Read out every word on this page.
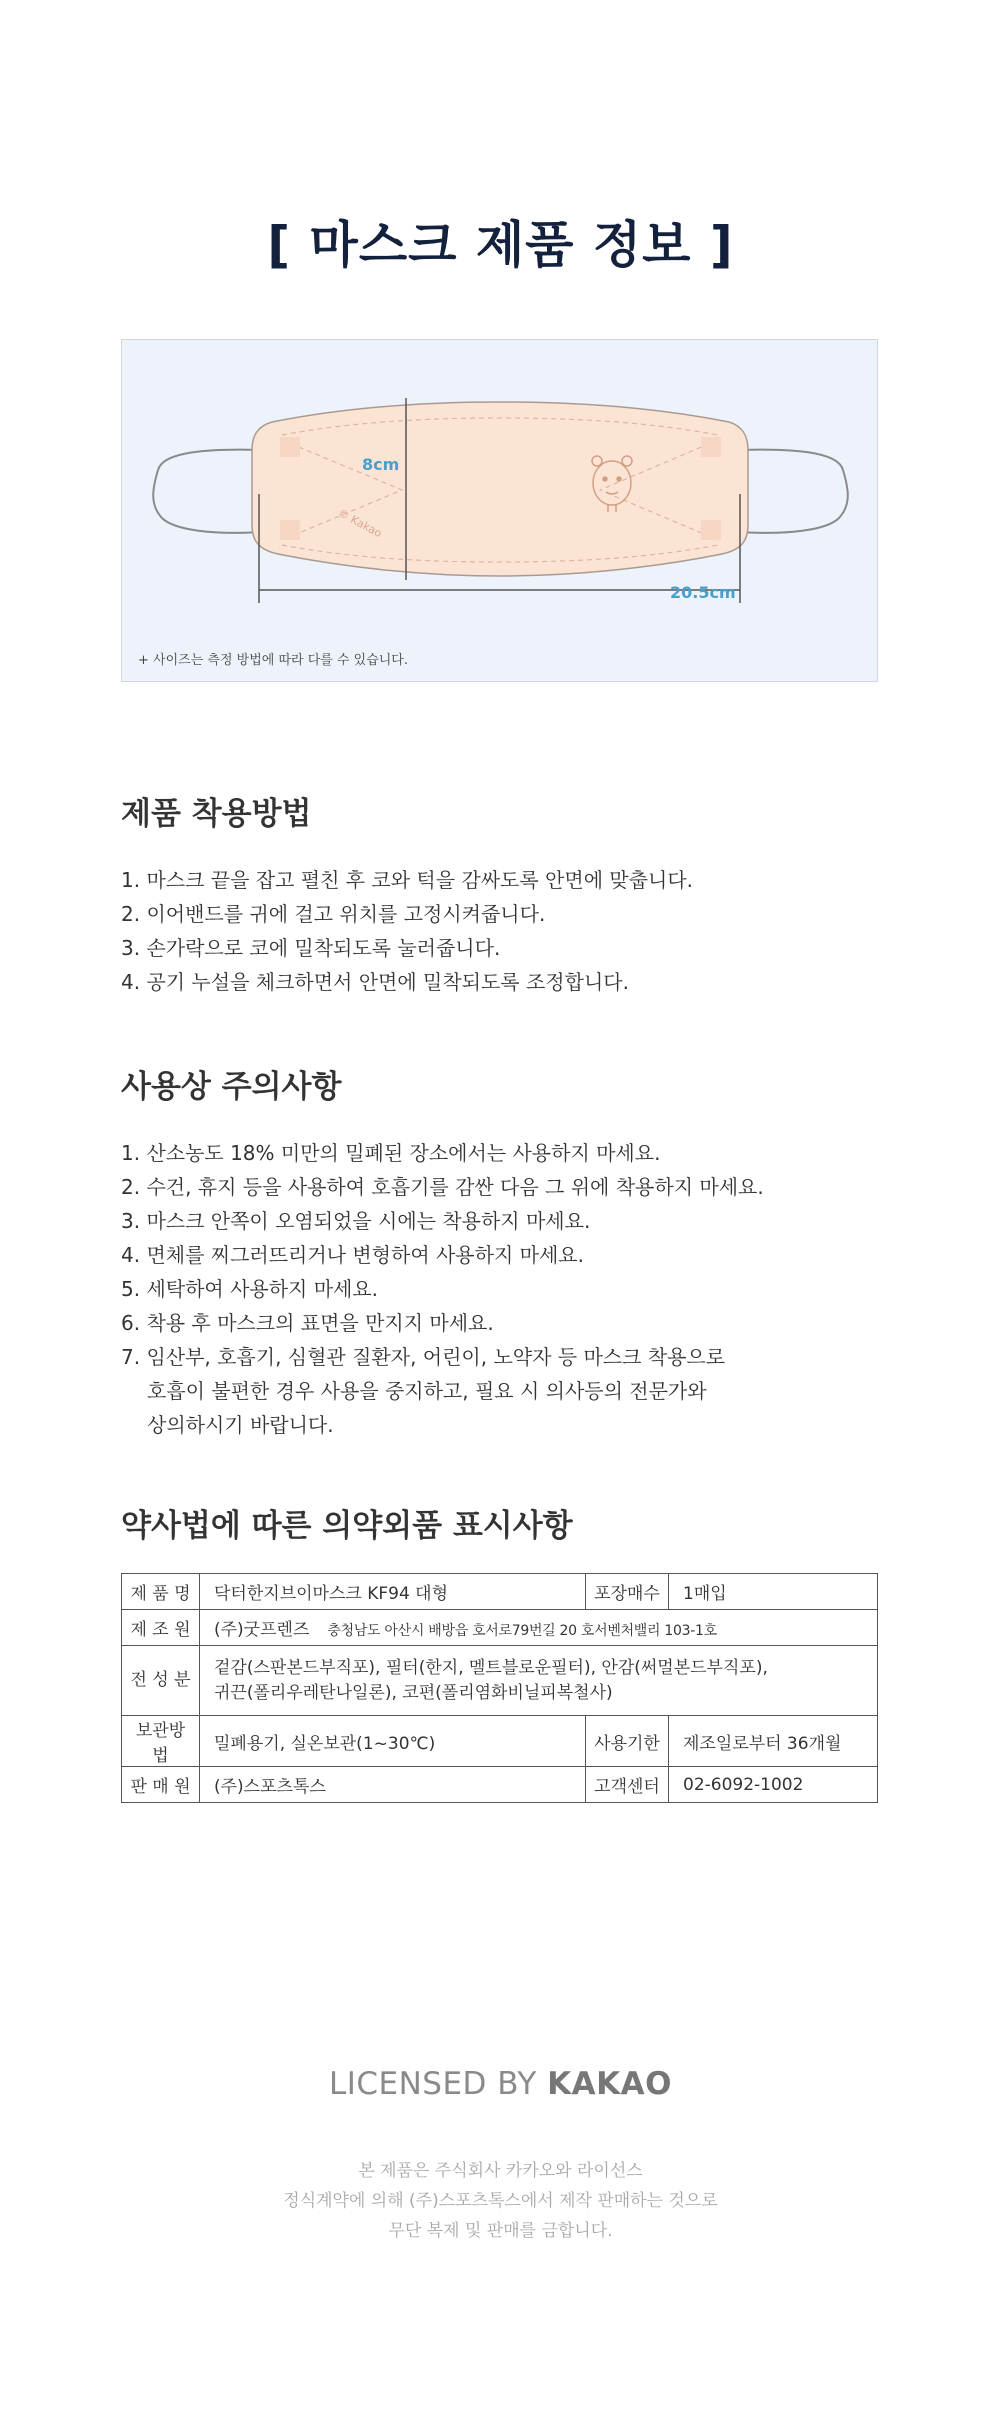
[ 마스크 제품 정보 ]
© Kakao
8cm
20.5cm
+ 사이즈는 측정 방법에 따라 다를 수 있습니다.
제품 착용방법
1. 마스크 끝을 잡고 펼친 후 코와 턱을 감싸도록 안면에 맞춥니다.
2. 이어밴드를 귀에 걸고 위치를 고정시켜줍니다.
3. 손가락으로 코에 밀착되도록 눌러줍니다.
4. 공기 누설을 체크하면서 안면에 밀착되도록 조정합니다.
사용상 주의사항
1. 산소농도 18% 미만의 밀폐된 장소에서는 사용하지 마세요.
2. 수건, 휴지 등을 사용하여 호흡기를 감싼 다음 그 위에 착용하지 마세요.
3. 마스크 안쪽이 오염되었을 시에는 착용하지 마세요.
4. 면체를 찌그러뜨리거나 변형하여 사용하지 마세요.
5. 세탁하여 사용하지 마세요.
6. 착용 후 마스크의 표면을 만지지 마세요.
7. 임산부, 호흡기, 심혈관 질환자, 어린이, 노약자 등 마스크 착용으로
호흡이 불편한 경우 사용을 중지하고, 필요 시 의사등의 전문가와
상의하시기 바랍니다.
약사법에 따른 의약외품 표시사항
제 품 명	닥터한지브이마스크 KF94 대형	포장매수	1매입
제 조 원	(주)굿프렌즈 충청남도 아산시 배방읍 호서로79번길 20 호서벤처밸리 103-1호		
전 성 분	겉감(스판본드부직포), 필터(한지, 멜트블로운필터), 안감(써멀본드부직포),
귀끈(폴리우레탄나일론), 코편(폴리염화비닐피복철사)		

보관방법	밀폐용기, 실온보관(1~30℃)	사용기한	제조일로부터 36개월
판 매 원	(주)스포츠톡스	고객센터	02-6092-1002
LICENSED BY KAKAO
본 제품은 주식회사 카카오와 라이선스
정식계약에 의해 (주)스포츠톡스에서 제작 판매하는 것으로
무단 복제 및 판매를 금합니다.
